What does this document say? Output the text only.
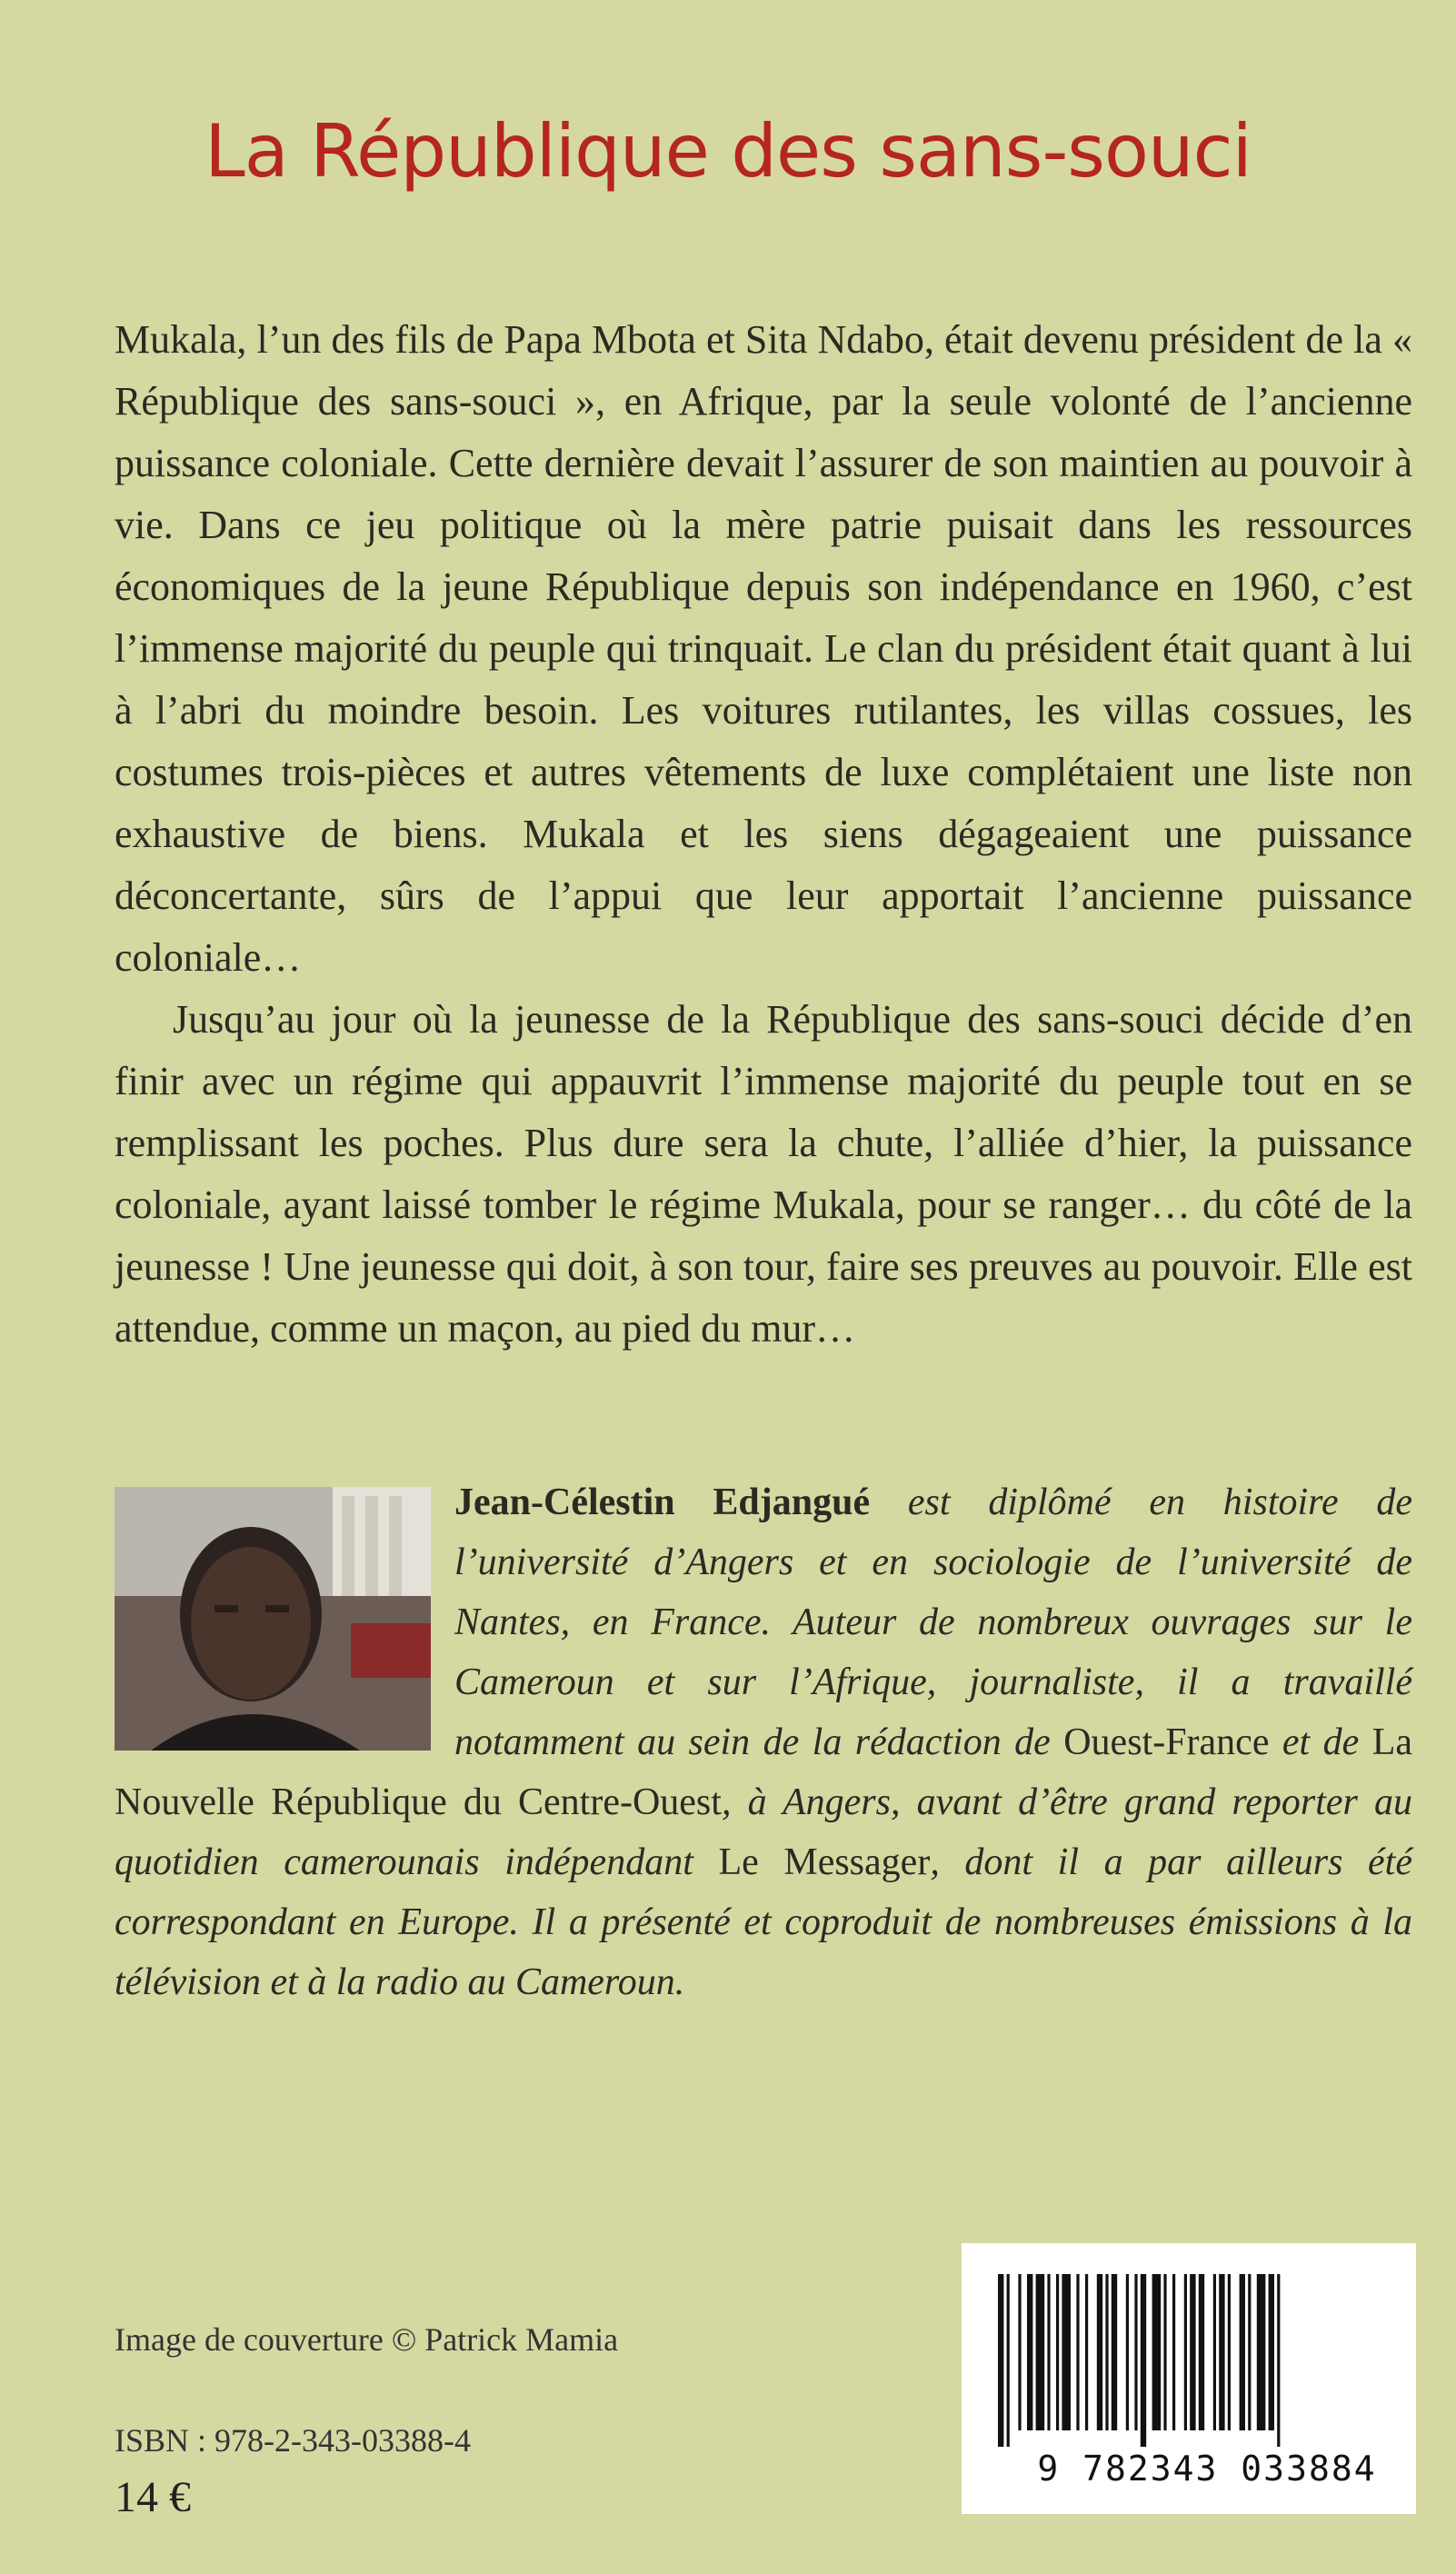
La République des sans-souci

Mukala, l’un des fils de Papa Mbota et Sita Ndabo, était devenu président de la « République des sans-souci », en Afrique, par la seule volonté de l’ancienne puissance coloniale. Cette dernière devait l’assurer de son maintien au pouvoir à vie. Dans ce jeu politique où la mère patrie puisait dans les ressources économiques de la jeune République depuis son indépendance en 1960, c’est l’immense majorité du peuple qui trinquait. Le clan du président était quant à lui à l’abri du moindre besoin. Les voitures rutilantes, les villas cossues, les costumes trois-pièces et autres vêtements de luxe complétaient une liste non exhaustive de biens. Mukala et les siens dégageaient une puissance déconcertante, sûrs de l’appui que leur apportait l’ancienne puissance coloniale…

Jusqu’au jour où la jeunesse de la République des sans-souci décide d’en finir avec un régime qui appauvrit l’immense majorité du peuple tout en se remplissant les poches. Plus dure sera la chute, l’alliée d’hier, la puissance coloniale, ayant laissé tomber le régime Mukala, pour se ranger… du côté de la jeunesse ! Une jeunesse qui doit, à son tour, faire ses preuves au pouvoir. Elle est attendue, comme un maçon, au pied du mur…

Jean-Célestin Edjangué est diplômé en histoire de l’université d’Angers et en sociologie de l’université de Nantes, en France. Auteur de nombreux ouvrages sur le Cameroun et sur l’Afrique, journaliste, il a travaillé notamment au sein de la rédaction de Ouest-France et de La Nouvelle République du Centre-Ouest, à Angers, avant d’être grand reporter au quotidien camerounais indépendant Le Messager, dont il a par ailleurs été correspondant en Europe. Il a présenté et coproduit de nombreuses émissions à la télévision et à la radio au Cameroun.
Image de couverture © Patrick Mamia
ISBN : 978-2-343-03388-4
14 €
9 782343 033884
